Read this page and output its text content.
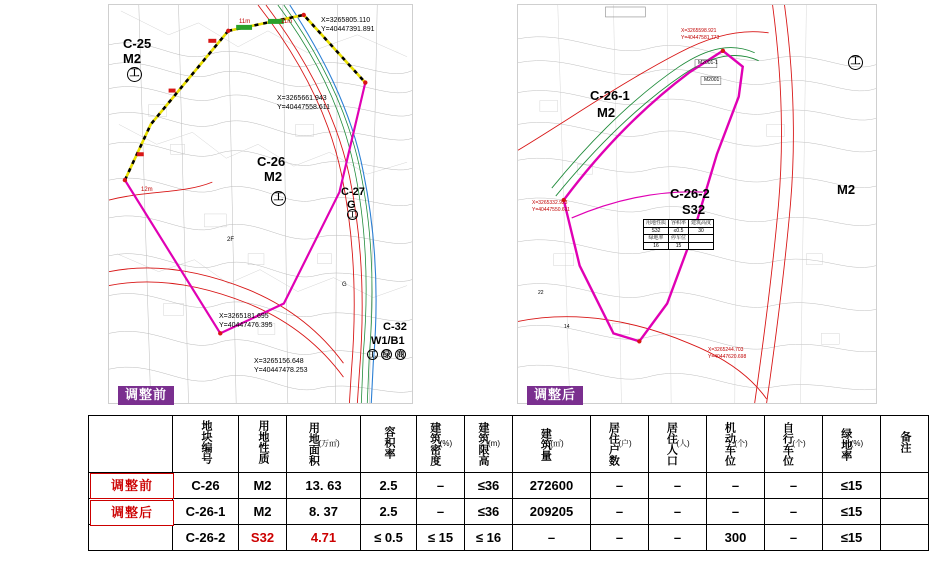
C-25
M2
C-26
M2
C-27
G
C-32
W1/B1
X=3265805.110
Y=40447391.891
X=3265661.943
Y=40447558.611
X=3265181.695
Y=40447476.395
X=3265156.648
Y=40447478.253
11m	11m
12m
2F
G
工
工
工
工 绿 商
C-26-1
M2
C-26-2
S32
M2
X=3265598.921
Y=40447581.773
X=3265332.923
Y=40447550.611
X=3265244.703
Y=40447620.698
M2001-1
M2001
22
14
工
用地性质	容积率	建筑高度
S32	≤0.5	30
绿地率	停车位	
16	15	
调整前	调整后
调整前
调整后
	地块编号	用地性质	用地面积 (万㎡)	容积率	建筑密度 (%)	建筑限高 (m)	建筑量 (㎡)	居住户数 (户)	居住人口 (人)	机动车位 (个)	自行车位 (个)	绿地率 (%)	备注
	C-26	M2	13. 63	2.5	–	≤36	272600	–	–	–	–	≤15	
	C-26-1	M2	8. 37	2.5	–	≤36	209205	–	–	–	–	≤15	
	C-26-2	S32	4.71	≤ 0.5	≤ 15	≤ 16	–	–	–	300	–	≤15	
